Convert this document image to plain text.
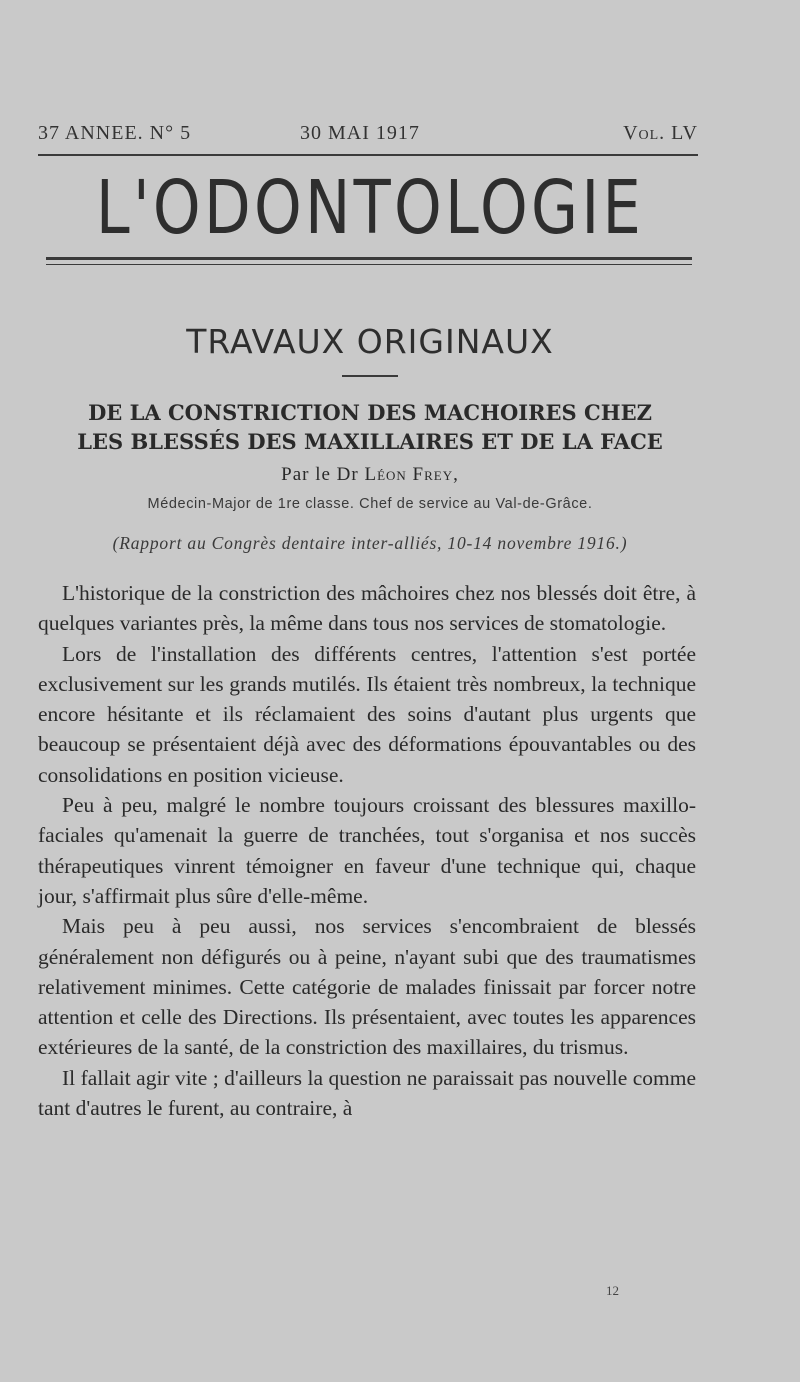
37 ANNEE. N° 5	30 MAI 1917	Vol. LV
L'ODONTOLOGIE
TRAVAUX ORIGINAUX
DE LA CONSTRICTION DES MACHOIRES CHEZ
LES BLESSÉS DES MAXILLAIRES ET DE LA FACE
Par le Dr Léon Frey,
Médecin-Major de 1re classe. Chef de service au Val-de-Grâce.
(Rapport au Congrès dentaire inter-alliés, 10-14 novembre 1916.)

L'historique de la constriction des mâchoires chez nos blessés doit être, à quelques variantes près, la même dans tous nos services de stomatologie.

Lors de l'installation des différents centres, l'attention s'est portée exclusivement sur les grands mutilés. Ils étaient très nombreux, la technique encore hésitante et ils réclamaient des soins d'autant plus urgents que beaucoup se présentaient déjà avec des déformations épouvantables ou des consolidations en position vicieuse.

Peu à peu, malgré le nombre toujours croissant des blessures maxillo-faciales qu'amenait la guerre de tranchées, tout s'organisa et nos succès thérapeutiques vinrent témoigner en faveur d'une technique qui, chaque jour, s'affirmait plus sûre d'elle-même.

Mais peu à peu aussi, nos services s'encombraient de blessés généralement non défigurés ou à peine, n'ayant subi que des traumatismes relativement minimes. Cette catégorie de malades finissait par forcer notre attention et celle des Directions. Ils présentaient, avec toutes les apparences extérieures de la santé, de la constriction des maxillaires, du trismus.

Il fallait agir vite ; d'ailleurs la question ne paraissait pas nouvelle comme tant d'autres le furent, au contraire, à

12
